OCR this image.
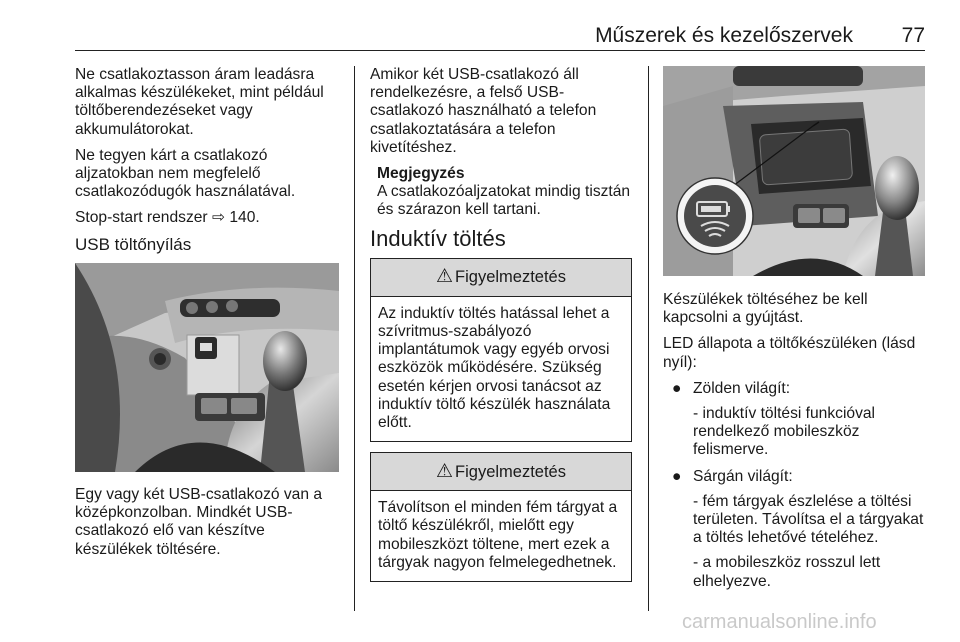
Műszerek és kezelőszervek 77

Ne csatlakoztasson áram leadásra alkalmas készülékeket, mint például töltőberendezéseket vagy akkumulátorokat.

Ne tegyen kárt a csatlakozó aljzatokban nem megfelelő csatlakozódugók használatával.

Stop-start rendszer ⇨ 140.

USB töltőnyílás

Egy vagy két USB-csatlakozó van a középkonzolban. Mindkét USB-csatlakozó elő van készítve készülékek töltésére.

Amikor két USB-csatlakozó áll rendelkezésre, a felső USB-csatlakozó használható a telefon csatlakoztatására a telefon kivetítéshez.

Megjegyzés
A csatlakozóaljzatokat mindig tisztán és szárazon kell tartani.
Induktív töltés
⚠ Figyelmeztetés
Az induktív töltés hatással lehet a szívritmus-szabályozó implantátumok vagy egyéb orvosi eszközök működésére. Szükség esetén kérjen orvosi tanácsot az induktív töltő készülék használata előtt.
⚠ Figyelmeztetés
Távolítson el minden fém tárgyat a töltő készülékről, mielőtt egy mobileszközt töltene, mert ezek a tárgyak nagyon felmelegedhetnek.

Készülékek töltéséhez be kell kapcsolni a gyújtást.

LED állapota a töltőkészüléken (lásd nyíl):

● Zölden világít:

- induktív töltési funkcióval rendelkező mobileszköz felismerve.

● Sárgán világít:

- fém tárgyak észlelése a töltési területen. Távolítsa el a tárgyakat a töltés lehetővé tételéhez.

- a mobileszköz rosszul lett elhelyezve.

carmanualsonline.info
